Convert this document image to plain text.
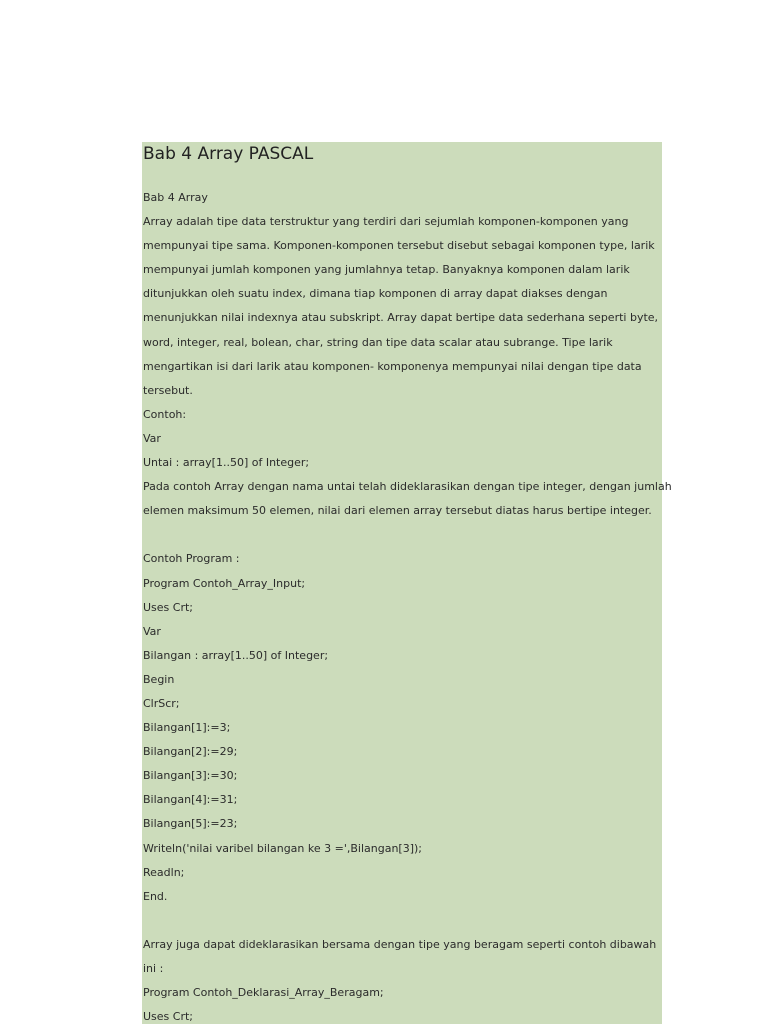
Bab 4 Array PASCAL
Bab 4 Array
Array adalah tipe data terstruktur yang terdiri dari sejumlah komponen-komponen yang
mempunyai tipe sama. Komponen-komponen tersebut disebut sebagai komponen type, larik
mempunyai jumlah komponen yang jumlahnya tetap. Banyaknya komponen dalam larik
ditunjukkan oleh suatu index, dimana tiap komponen di array dapat diakses dengan
menunjukkan nilai indexnya atau subskript. Array dapat bertipe data sederhana seperti byte,
word, integer, real, bolean, char, string dan tipe data scalar atau subrange. Tipe larik
mengartikan isi dari larik atau komponen- komponenya mempunyai nilai dengan tipe data
tersebut.
Contoh:
Var
Untai : array[1..50] of Integer;
Pada contoh Array dengan nama untai telah dideklarasikan dengan tipe integer, dengan jumlah
elemen maksimum 50 elemen, nilai dari elemen array tersebut diatas harus bertipe integer.
Contoh Program :
Program Contoh_Array_Input;
Uses Crt;
Var
Bilangan : array[1..50] of Integer;
Begin
ClrScr;
Bilangan[1]:=3;
Bilangan[2]:=29;
Bilangan[3]:=30;
Bilangan[4]:=31;
Bilangan[5]:=23;
Writeln('nilai varibel bilangan ke 3 =',Bilangan[3]);
Readln;
End.
Array juga dapat dideklarasikan bersama dengan tipe yang beragam seperti contoh dibawah
ini :
Program Contoh_Deklarasi_Array_Beragam;
Uses Crt;
